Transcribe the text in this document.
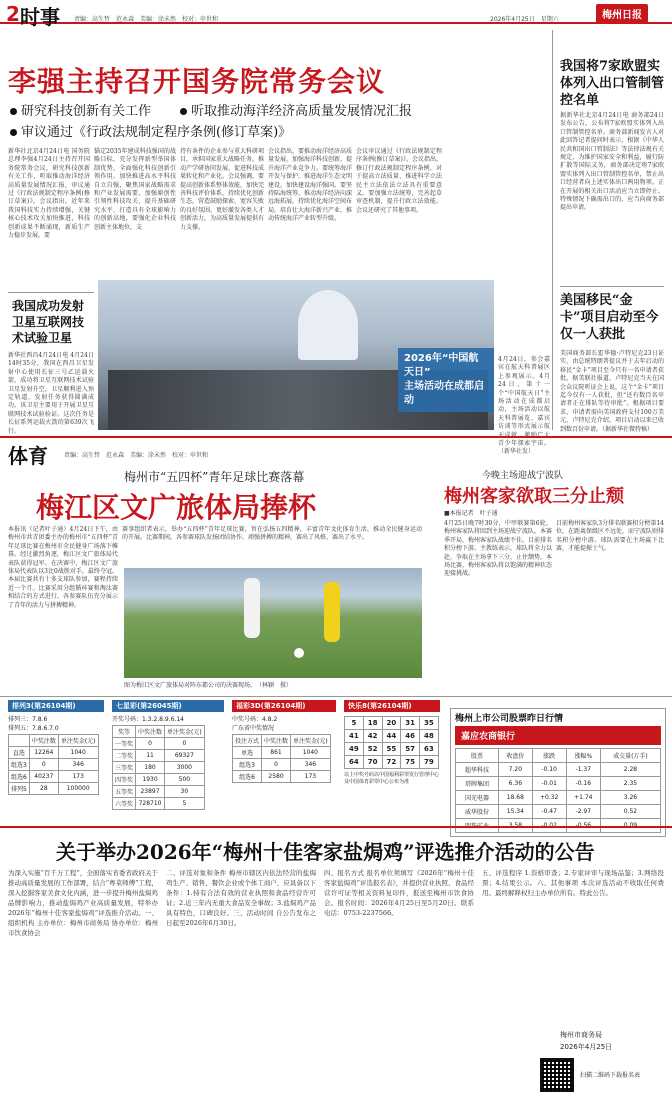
2 时事 责编：高生哲　范永森　美编：涂未然　校对：申世和	2026年4月25日　星期六	梅州日报
李强主持召开国务院常务会议
研究科技创新有关工作	听取推动海洋经济高质量发展情况汇报
审议通过《行政法规制定程序条例(修订草案)》
新华社北京4月24日电 国务院总理李强4月24日主持召开国务院常务会议，研究科技创新有关工作，听取推动海洋经济高质量发展情况汇报，审议通过《行政法规制定程序条例(修订草案)》。会议指出，近年来我国科技实力持续增强，关键核心技术攻关加快推进，科技创新成果不断涌现，新质生产力稳步发展。要
锚定2035年建成科技强国的战略目标，充分发挥新型举国体制优势，全面强化科技创新引领作用。加快推进高水平科技自立自强，聚焦国家战略需求和产业发展需要，加强原创性引领性科技攻关，提升基础研究水平，打造具有全球影响力的创新高地，要强化企业科技创新主体地位，支
持有条件的企业参与重大科研项目，承担国家重大战略任务，推动产学研协同发展，促进科技成果转化和产业化。会议强调，要提高创新体系整体效能，加快完善科技评价体系，持续优化创新生态，营造鼓励探索、宽容失败的良好氛围，更好激发各类人才创新活力，为高质量发展提供有力支撑。
会议指出，要推动海洋经济高质量发展，加强海洋科技创新，提升海洋产业竞争力。要统筹海洋开发与保护，推进海洋生态文明建设，加快建设海洋强国。要坚持陆海统筹，推动海洋经济向深远海拓展，持续优化海洋空间布局，培育壮大海洋新兴产业，推动传统海洋产业转型升级。
会议审议通过《行政法规制定程序条例(修订草案)》。会议指出，修订行政法规制定程序条例，对于提高立法质量、推进科学立法民主立法依法立法具有重要意义。要加强立法统筹，完善起草审查机制，提升行政立法效能。会议还研究了其他事项。
我国将7家欧盟实体列入出口管制管控名单
据新华社北京4月24日电 商务部24日发布公告，公布将7家欧盟实体列入出口管制管控名单。商务部新闻发言人对此回答记者提问时表示，根据《中华人民共和国出口管制法》等法律法规有关规定，为维护国家安全和利益，履行防扩散等国际义务，商务部决定将7家欧盟实体列入出口管制管控名单，禁止出口经营者向上述实体出口两用物项。正在开展的相关出口活动应当立即停止。特殊情况下确需出口的，应当向商务部提出申请。
美国移民“金卡”项目启动至今仅一人获批
美国商务部长霍华德·卢特尼克23日证实，由总统特朗普提议并于去年启动的移民“金卡”项目至今只有一名申请者获批。据美联社报道，卢特尼克当天在国会众议院听证会上说，这个“金卡”项目迄今仅有一人获批，但“还有数百名申请者正在排队等待审批”。根据项目要求，申请者需向美国政府支付100万美元，卢特尼克介绍，项目启动以来已收到数百份申请。（据新华社微特稿）
我国成功发射卫星互联网技术试验卫星
新华社西昌4月24日电 4月24日14时35分，我国在西昌卫星发射中心使用长征三号乙运载火箭，成功将卫星互联网技术试验卫星发射升空，卫星顺利进入预定轨道，发射任务获得圆满成功。该卫星主要用于开展卫星互联网技术试验验证。这次任务是长征系列运载火箭的第639次飞行。
2026年“中国航天日”
主场活动在成都启动
4月24日，参会嘉宾在航天科普展区上参观展示。4月24日，第十一个“中国航天日”主场活动在成都启动，主场活动以航天科普展览、嘉宾访谈等形式展示航 青少年探索宇宙。（新华社发）
体育	责编：高生哲　范永森　美编：涂未然　校对：申世和
梅州市“五四杯”青年足球比赛落幕
梅江区文广旅体局捧杯
本报讯（记者叶子通）4月24日下午，由梅州市共青团委主办的梅州市“五四杯”青年足球比赛在梅州市全民健身广场落下帷幕。经过激烈角逐，梅江区文广旅体局代表队获得冠军。在决赛中，梅江区文广旅体局代表队以3比0战胜对手，最终夺冠。本届比赛共有十多支球队参加，赛程持续近一个月。比赛采用分组循环赛和淘汰赛相结合的方式进行，各参赛队伍充分展示了青年的活力与拼搏精神。
赛事组织者表示，举办“五四杯”青年足球比赛，旨在弘扬五四精神，丰富青年文化体育生活，推动全民健身运动的开展。比赛期间，各参赛球队发扬团结协作、顽强拼搏的精神，赛出了风格、赛出了水平。
图为梅江区文广旅体局对阵东都公司的决赛现场。　（林颖　摄）
今晚主场迎战宁波队
梅州客家欲取三分止颓
■本报记者　叶子通
4月25日晚7时30分，中甲联赛第6轮，梅州客家队将回到主场迎战宁波队。本赛季开局，梅州客家队战绩不佳，目前排名积分榜下游。主教练表示，球队将全力以赴，争取在主场拿下三分，止住颓势。本场比赛，梅州客家队将以饱满的精神状态迎接挑战。
目前梅州客家队3分排名联赛积分榜第14位，在距离保级区不远处，而宁波队则排名积分榜中游。球队需要在主场赢下比赛，才能提振士气。
排列3(第26104期)
排列三：7.8.6
排列五：7.8.6.7.0
	中奖注数	单注奖金(元)
直选	12264	1040
组选3	0	346
组选6	40237	173
排列5	28	100000
七星彩(第26045期)
开奖号码：1.3.2.8.9.6.14
奖等	中奖注数	单注奖金(元)
一等奖	0	0
二等奖	11	69327
三等奖	180	3000
四等奖	1930	500
五等奖	23897	30
六等奖	728710	5
福彩3D(第26104期)
中奖号码：4.8.2
广东省中奖情况
投注方式	中奖注数	单注奖金(元)
单选	861	1040
组选3	0	346
组选6	2580	173
快乐8(第26104期)
5	18	20	31	35
41	42	44	46	48
49	52	55	57	63
64	70	72	75	79
以上中奖号码以中国福利彩票发行管理中心及中国体育彩票中心公布为准
梅州上市公司股票昨日行情
嘉应农商银行
股票	收盘价	涨跌	涨幅%	成交量(万手)
超华科技	7.20	-0.10	-1.37	2.28
塔牌集团	6.36	-0.01	-0.16	2.35
国光电器	18.68	+0.32	+1.74	3.26
威华股份	15.34	-0.47	-2.97	0.52

关于举办2026年“梅州十佳客家盐焗鸡”评选推介活动的公告
为深入实施“百千万工程”，全面落实省委省政府关于推动高质量发展的工作部署，结合“粤菜师傅”工程，深入挖掘客家美食文化内涵，进一步提升梅州盐焗鸡品牌影响力，推动盐焗鸡产业高质量发展，特举办2026年“梅州十佳客家盐焗鸡”评选推介活动。一、组织机构 主办单位：梅州市商务局 协办单位：梅州市饮食协会
二、评选对象和条件 梅州市辖区内依法经营的盐焗鸡生产、销售、餐饮企业或个体工商户，应具备以下条件：1.持有合法有效的营业执照和食品经营许可证；2.近三年内无重大食品安全事故；3.盐焗鸡产品具有特色，口碑良好。三、活动时间 自公告发布之日起至2026年6月30日。
四、报名方式 报名单位须填写《2026年“梅州十佳客家盐焗鸡”评选报名表》，并提供营业执照、食品经营许可证等相关资料复印件，报送至梅州市饮食协会。报名时间：2026年4月25日至5月20日。联系电话：0753-2237566。
五、评选程序 1.资格审查；2.专家评审与现场品鉴；3.网络投票；4.结果公示。六、其他事项 本次评选活动不收取任何费用。最终解释权归主办单位所有。特此公告。
梅州市商务局
2026年4月25日
扫描二维码下载报名表
